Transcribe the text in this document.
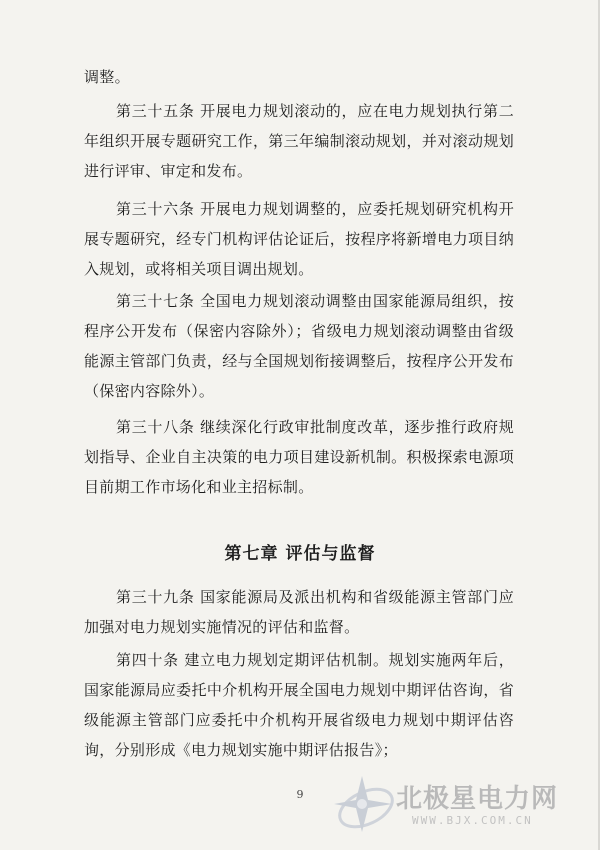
调整。
第三十五条 开展电力规划滚动的，应在电力规划执行第二年组织开展专题研究工作，第三年编制滚动规划，并对滚动规划进行评审、审定和发布。
第三十六条 开展电力规划调整的，应委托规划研究机构开展专题研究，经专门机构评估论证后，按程序将新增电力项目纳入规划，或将相关项目调出规划。
第三十七条 全国电力规划滚动调整由国家能源局组织，按程序公开发布（保密内容除外）；省级电力规划滚动调整由省级能源主管部门负责，经与全国规划衔接调整后，按程序公开发布（保密内容除外）。
第三十八条 继续深化行政审批制度改革，逐步推行政府规划指导、企业自主决策的电力项目建设新机制。积极探索电源项目前期工作市场化和业主招标制。
第七章 评估与监督
第三十九条 国家能源局及派出机构和省级能源主管部门应加强对电力规划实施情况的评估和监督。
第四十条 建立电力规划定期评估机制。规划实施两年后，国家能源局应委托中介机构开展全国电力规划中期评估咨询，省级能源主管部门应委托中介机构开展省级电力规划中期评估咨询，分别形成《电力规划实施中期评估报告》；
9	北极星电力网
WWW.BJX.COM.CN
